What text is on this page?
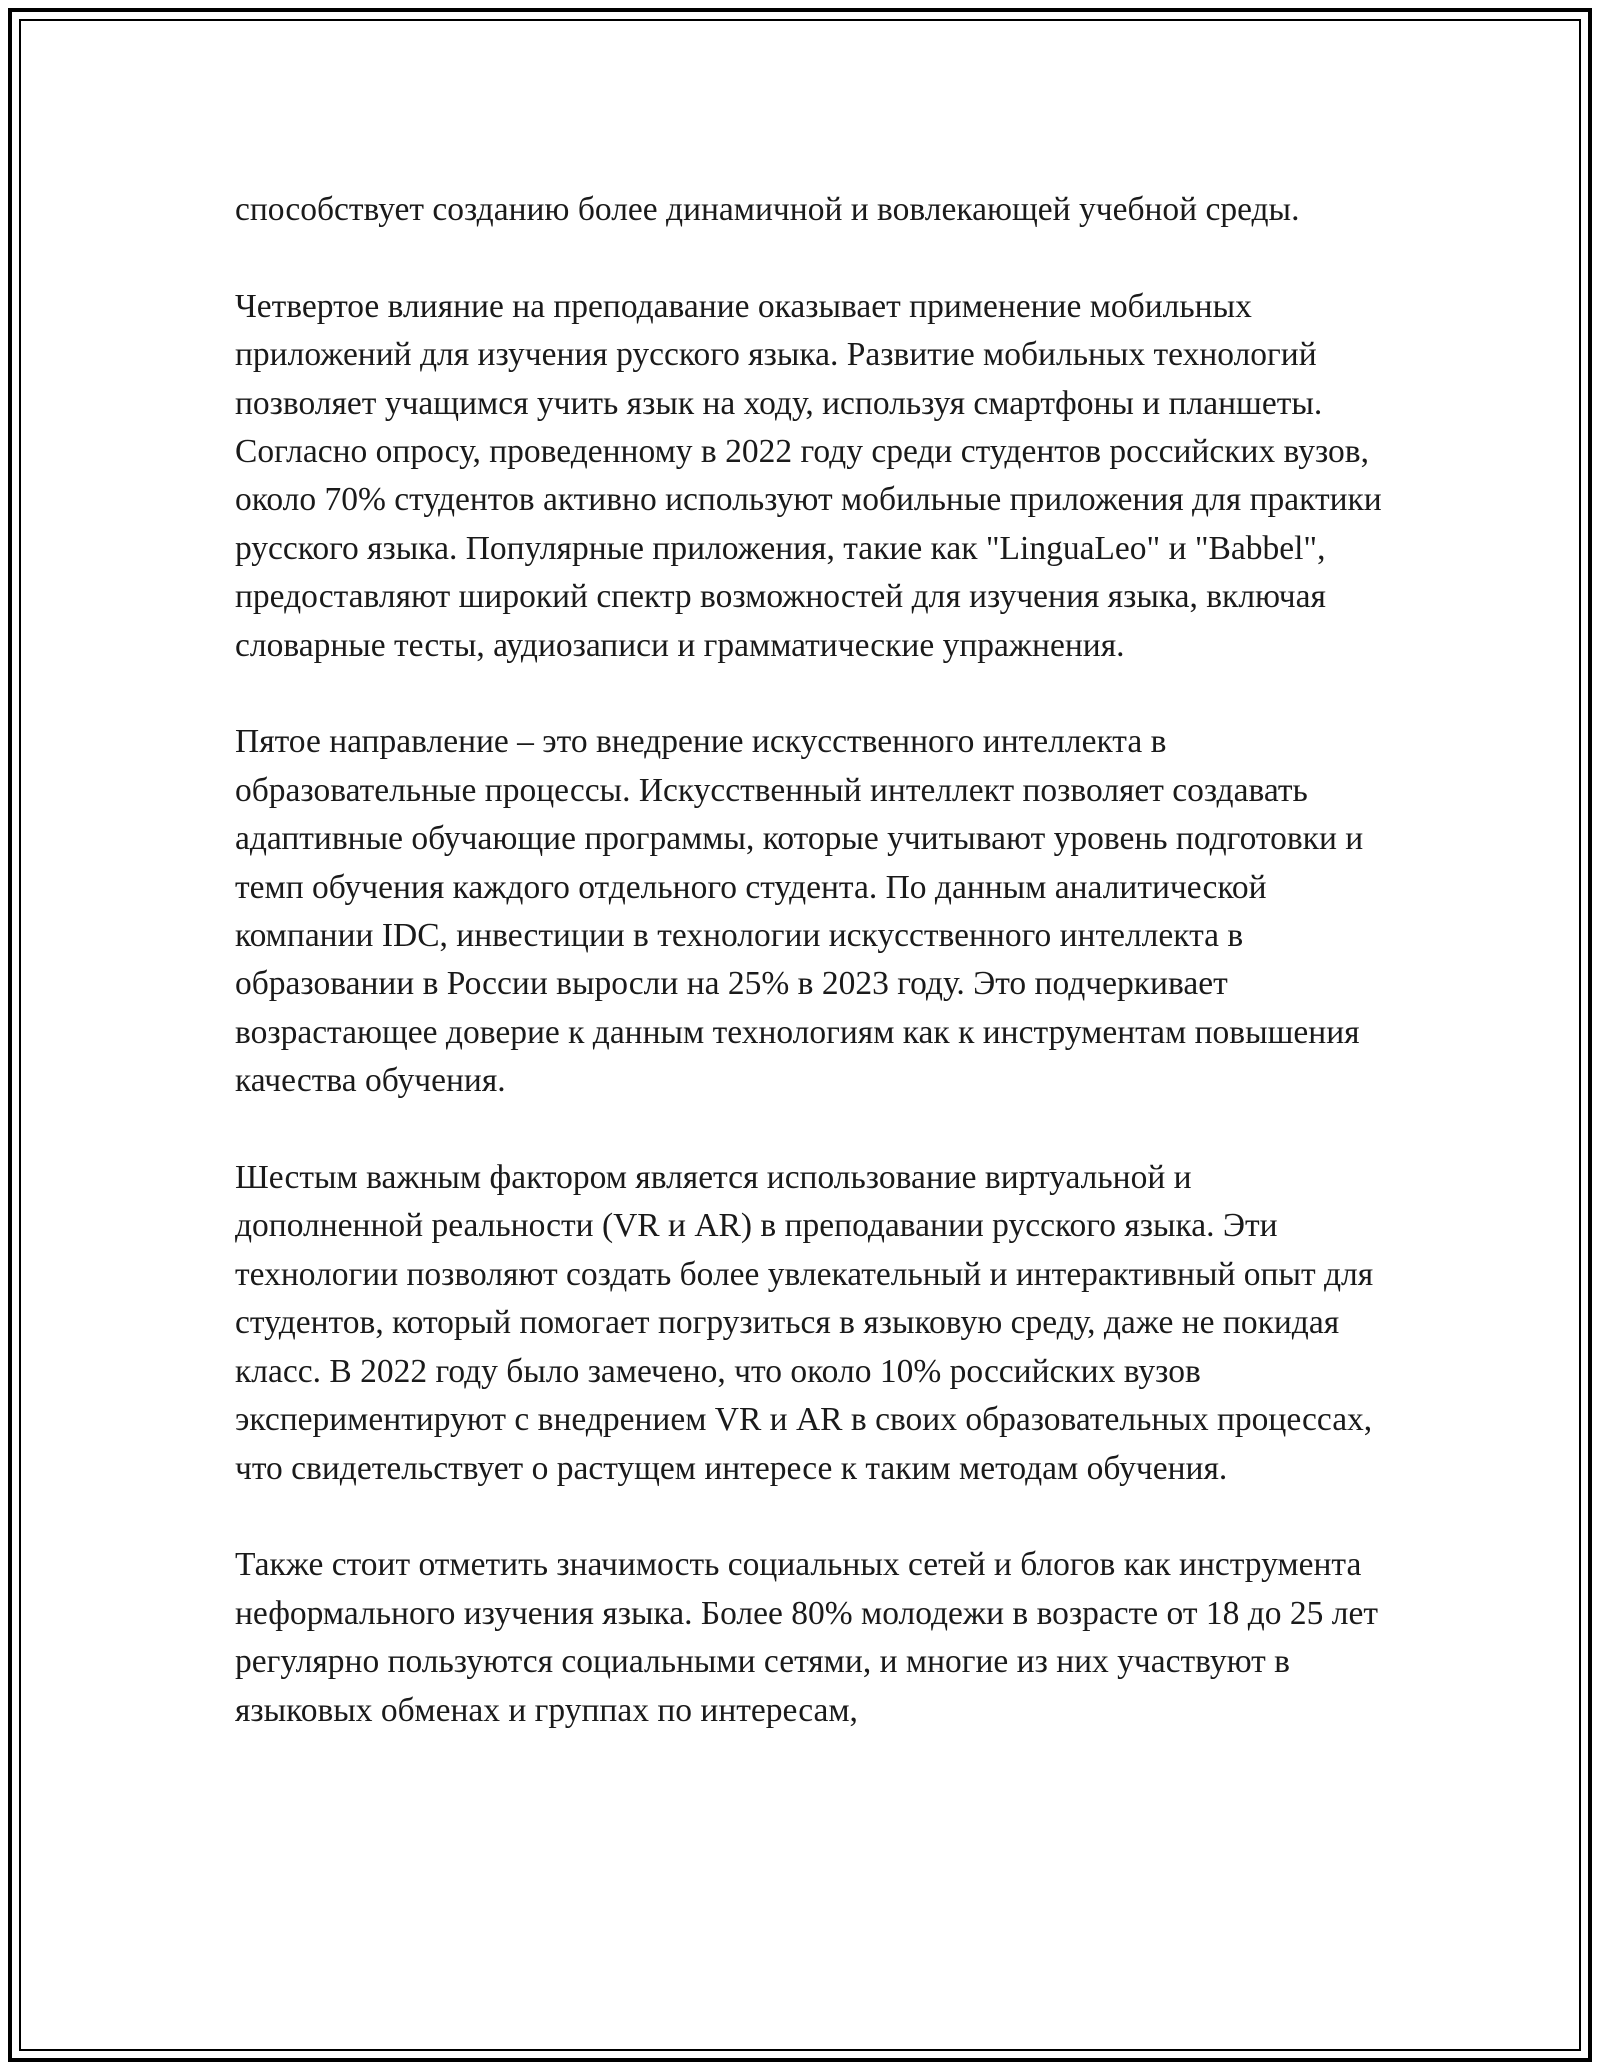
способствует созданию более динамичной и вовлекающей учебной среды.

Четвертое влияние на преподавание оказывает применение мобильных приложений для изучения русского языка. Развитие мобильных технологий позволяет учащимся учить язык на ходу, используя смартфоны и планшеты. Согласно опросу, проведенному в 2022 году среди студентов российских вузов, около 70% студентов активно используют мобильные приложения для практики русского языка. Популярные приложения, такие как "LinguaLeo" и "Babbel", предоставляют широкий спектр возможностей для изучения языка, включая словарные тесты, аудиозаписи и грамматические упражнения.

Пятое направление – это внедрение искусственного интеллекта в образовательные процессы. Искусственный интеллект позволяет создавать адаптивные обучающие программы, которые учитывают уровень подготовки и темп обучения каждого отдельного студента. По данным аналитической компании IDC, инвестиции в технологии искусственного интеллекта в образовании в России выросли на 25% в 2023 году. Это подчеркивает возрастающее доверие к данным технологиям как к инструментам повышения качества обучения.

Шестым важным фактором является использование виртуальной и дополненной реальности (VR и AR) в преподавании русского языка. Эти технологии позволяют создать более увлекательный и интерактивный опыт для студентов, который помогает погрузиться в языковую среду, даже не покидая класс. В 2022 году было замечено, что около 10% российских вузов экспериментируют с внедрением VR и AR в своих образовательных процессах, что свидетельствует о растущем интересе к таким методам обучения.

Также стоит отметить значимость социальных сетей и блогов как инструмента неформального изучения языка. Более 80% молодежи в возрасте от 18 до 25 лет регулярно пользуются социальными сетями, и многие из них участвуют в языковых обменах и группах по интересам,
